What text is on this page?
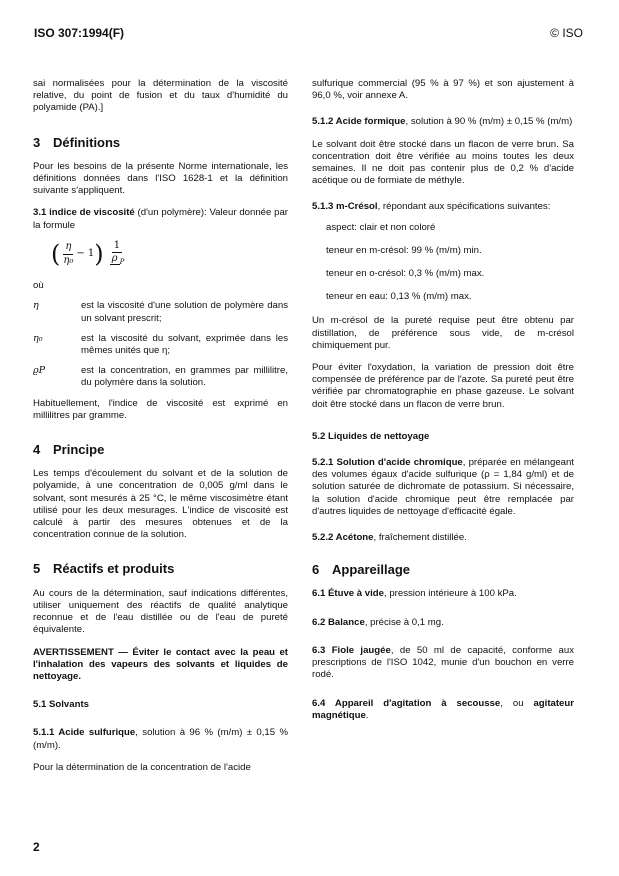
ISO 307:1994(F)	© ISO

sai normalisées pour la détermination de la viscosité relative, du point de fusion et du taux d'humidité du polyamide (PA).]

3 Définitions

Pour les besoins de la présente Norme internationale, les définitions données dans l'ISO 1628-1 et la définition suivante s'appliquent.

3.1 indice de viscosité (d'un polymère): Valeur donnée par la formule

( $\frac{\eta}{\text{η₀}} - 1$ ) $\frac{1}{\rho _P}$

où

η	est la viscosité d'une solution de polymère dans un solvant prescrit;
η₀	est la viscosité du solvant, exprimée dans les mêmes unités que η;
ϱP	est la concentration, en grammes par millilitre, du polymère dans la solution.

Habituellement, l'indice de viscosité est exprimé en millilitres par gramme.

4 Principe

Les temps d'écoulement du solvant et de la solution de polyamide, à une concentration de 0,005 g/ml dans le solvant, sont mesurés à 25 °C, le même viscosimètre étant utilisé pour les deux mesurages. L'indice de viscosité est calculé à partir des mesures obtenues et de la concentration connue de la solution.

5 Réactifs et produits

Au cours de la détermination, sauf indications différentes, utiliser uniquement des réactifs de qualité analytique reconnue et de l'eau distillée ou de l'eau de pureté équivalente.

AVERTISSEMENT — Éviter le contact avec la peau et l'inhalation des vapeurs des solvants et liquides de nettoyage.

5.1 Solvants

5.1.1 Acide sulfurique, solution à 96 % (m/m) ± 0,15 % (m/m).

Pour la détermination de la concentration de l'acide

sulfurique commercial (95 % à 97 %) et son ajustement à 96,0 %, voir annexe A.

5.1.2 Acide formique, solution à 90 % (m/m) ± 0,15 % (m/m)

Le solvant doit être stocké dans un flacon de verre brun. Sa concentration doit être vérifiée au moins toutes les deux semaines. Il ne doit pas contenir plus de 0,2 % d'acide acétique ou de formiate de méthyle.

5.1.3 m-Crésol, répondant aux spécifications suivantes:

aspect: clair et non coloré
teneur en m-crésol: 99 % (m/m) min.
teneur en o-crésol: 0,3 % (m/m) max.
teneur en eau: 0,13 % (m/m) max.

Un m-crésol de la pureté requise peut être obtenu par distillation, de préférence sous vide, de m-crésol chimiquement pur.

Pour éviter l'oxydation, la variation de pression doit être compensée de préférence par de l'azote. Sa pureté peut être vérifiée par chromatographie en phase gazeuse. Le solvant doit être stocké dans un flacon de verre brun.

5.2 Liquides de nettoyage

5.2.1 Solution d'acide chromique, préparée en mélangeant des volumes égaux d'acide sulfurique (ρ = 1,84 g/ml) et de solution saturée de dichromate de potassium. Si nécessaire, la solution d'acide chromique peut être remplacée par d'autres liquides de nettoyage d'efficacité égale.

5.2.2 Acétone, fraîchement distillée.

6 Appareillage

6.1 Étuve à vide, pression intérieure à 100 kPa.

6.2 Balance, précise à 0,1 mg.

6.3 Fiole jaugée, de 50 ml de capacité, conforme aux prescriptions de l'ISO 1042, munie d'un bouchon en verre rodé.

6.4 Appareil d'agitation à secousse, ou agitateur magnétique.

2
